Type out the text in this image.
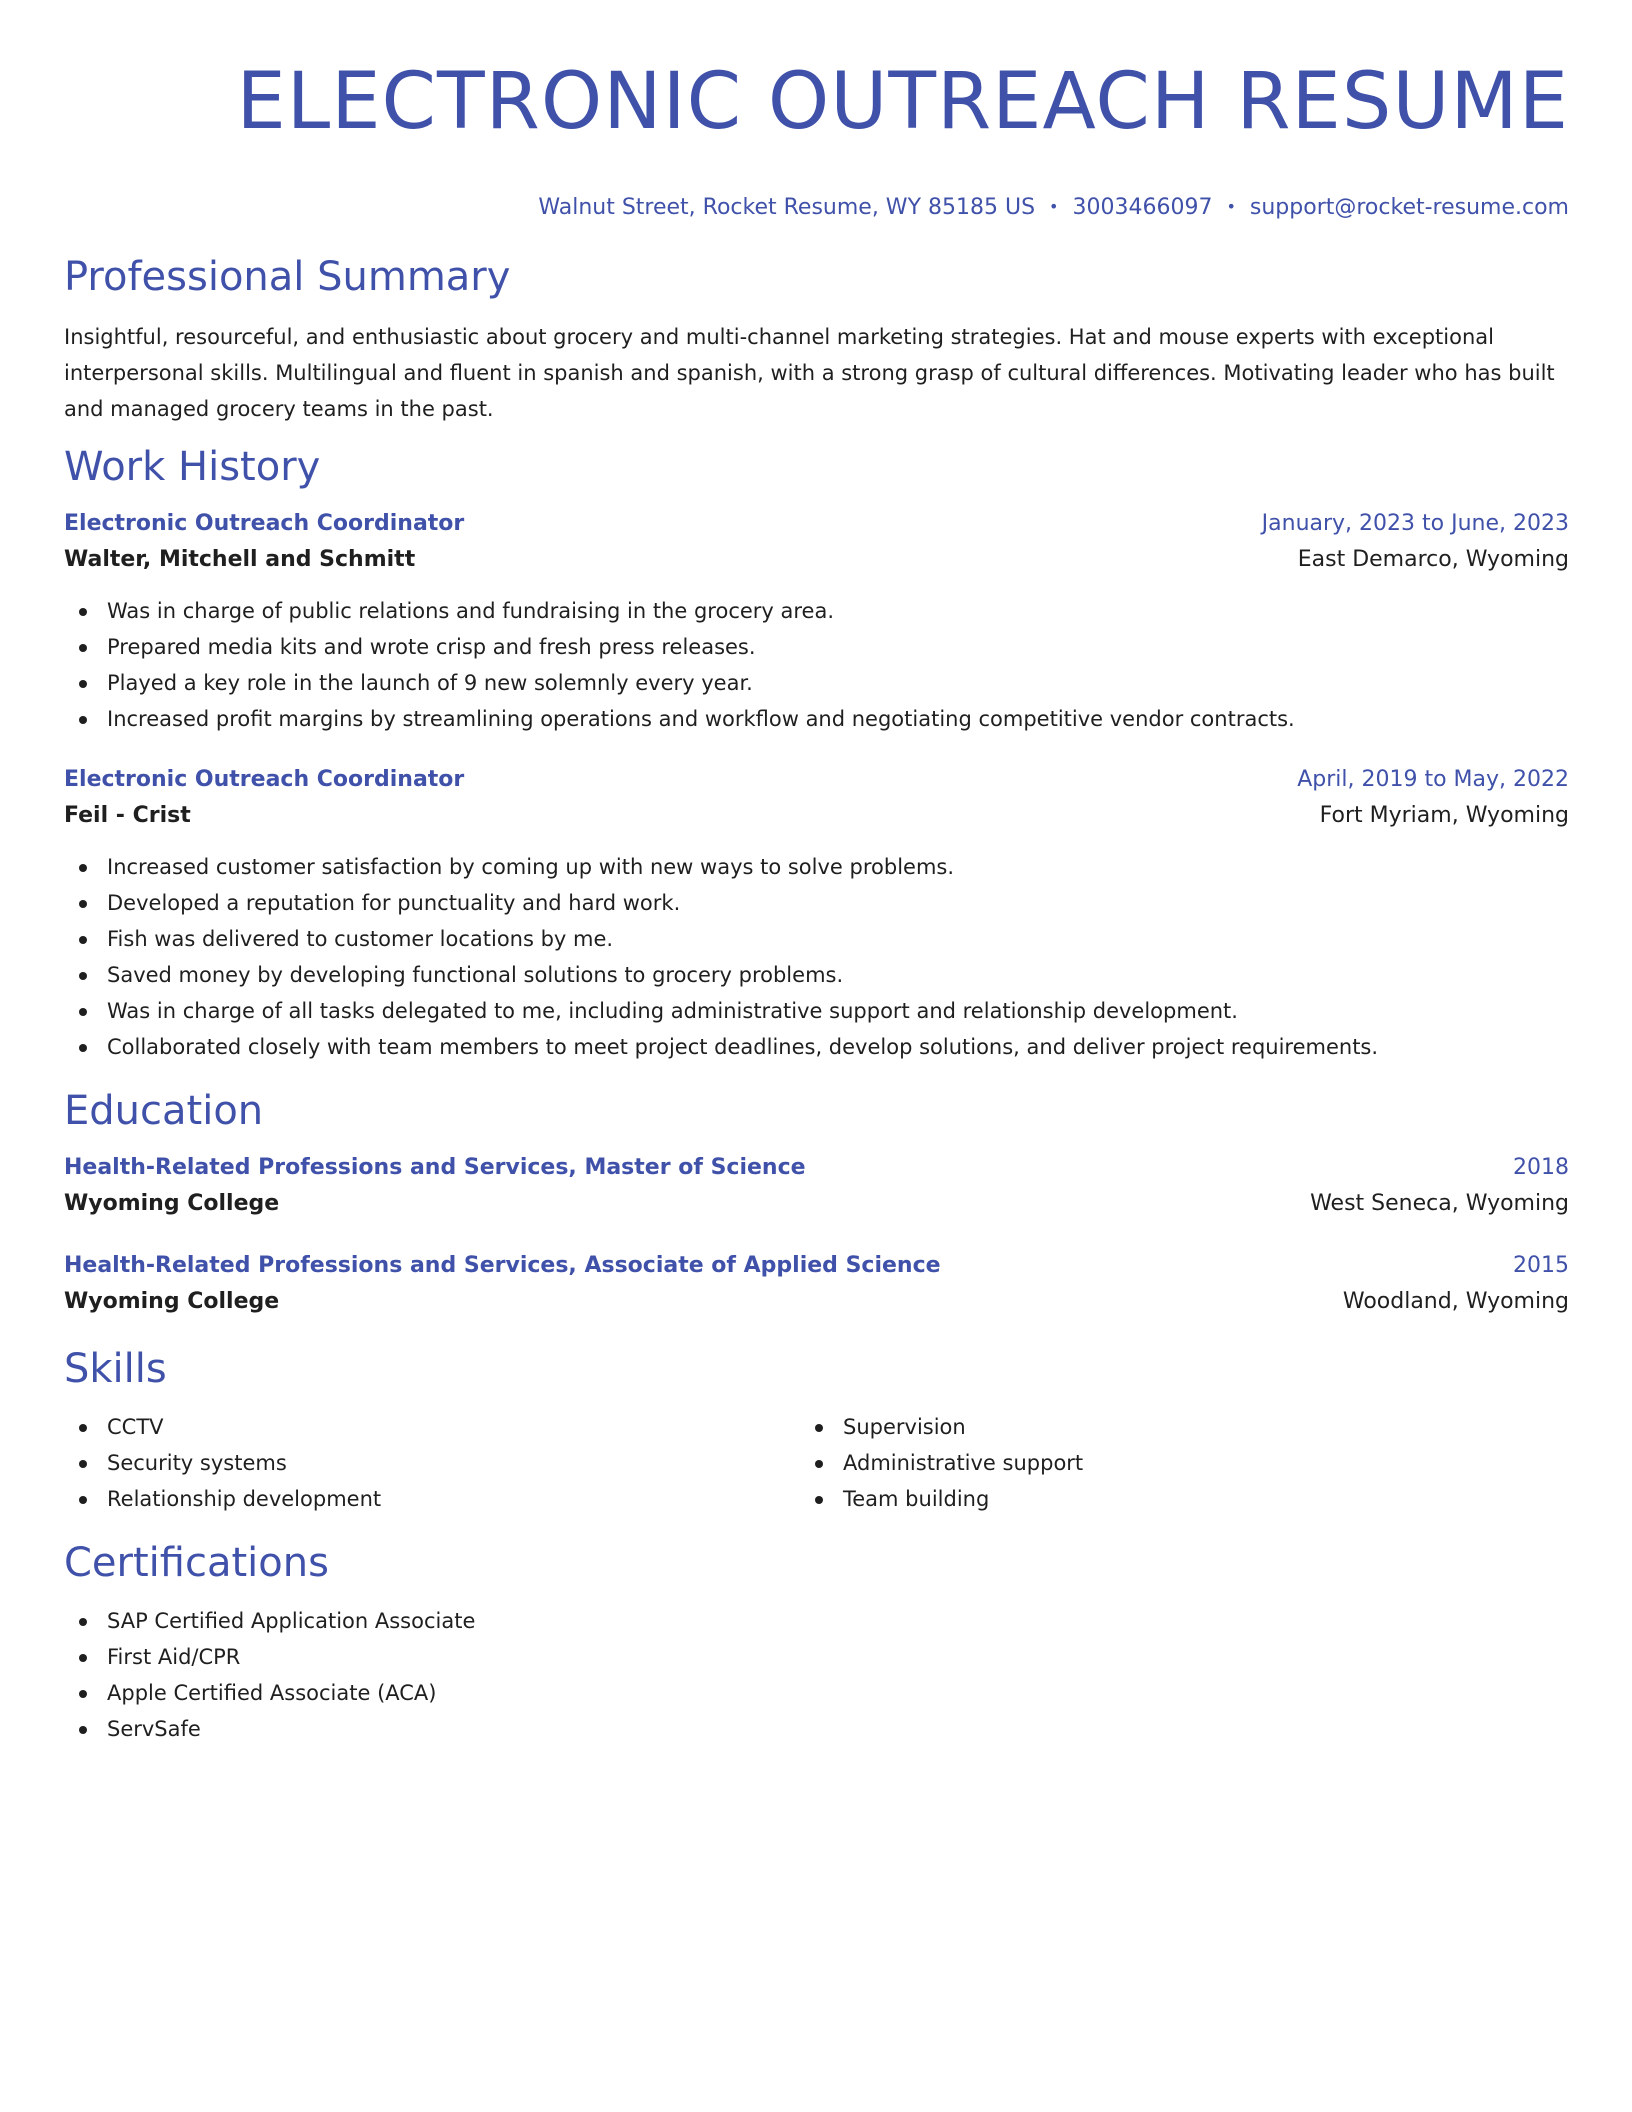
ELECTRONIC OUTREACH RESUME
Walnut Street, Rocket Resume, WY 85185 US • 3003466097 • support@rocket-resume.com
Professional Summary
Insightful, resourceful, and enthusiastic about grocery and multi-channel marketing strategies. Hat and mouse experts with exceptional interpersonal skills. Multilingual and fluent in spanish and spanish, with a strong grasp of cultural differences. Motivating leader who has built and managed grocery teams in the past.
Work History
Electronic Outreach Coordinator	January, 2023 to June, 2023
Walter, Mitchell and Schmitt	East Demarco, Wyoming
Was in charge of public relations and fundraising in the grocery area.
Prepared media kits and wrote crisp and fresh press releases.
Played a key role in the launch of 9 new solemnly every year.
Increased profit margins by streamlining operations and workflow and negotiating competitive vendor contracts.
Electronic Outreach Coordinator	April, 2019 to May, 2022
Feil - Crist	Fort Myriam, Wyoming
Increased customer satisfaction by coming up with new ways to solve problems.
Developed a reputation for punctuality and hard work.
Fish was delivered to customer locations by me.
Saved money by developing functional solutions to grocery problems.
Was in charge of all tasks delegated to me, including administrative support and relationship development.
Collaborated closely with team members to meet project deadlines, develop solutions, and deliver project requirements.
Education
Health-Related Professions and Services, Master of Science	2018
Wyoming College	West Seneca, Wyoming
Health-Related Professions and Services, Associate of Applied Science	2015
Wyoming College	Woodland, Wyoming
Skills
CCTV
Security systems
Relationship development
Supervision
Administrative support
Team building
Certifications
SAP Certified Application Associate
First Aid/CPR
Apple Certified Associate (ACA)
ServSafe
